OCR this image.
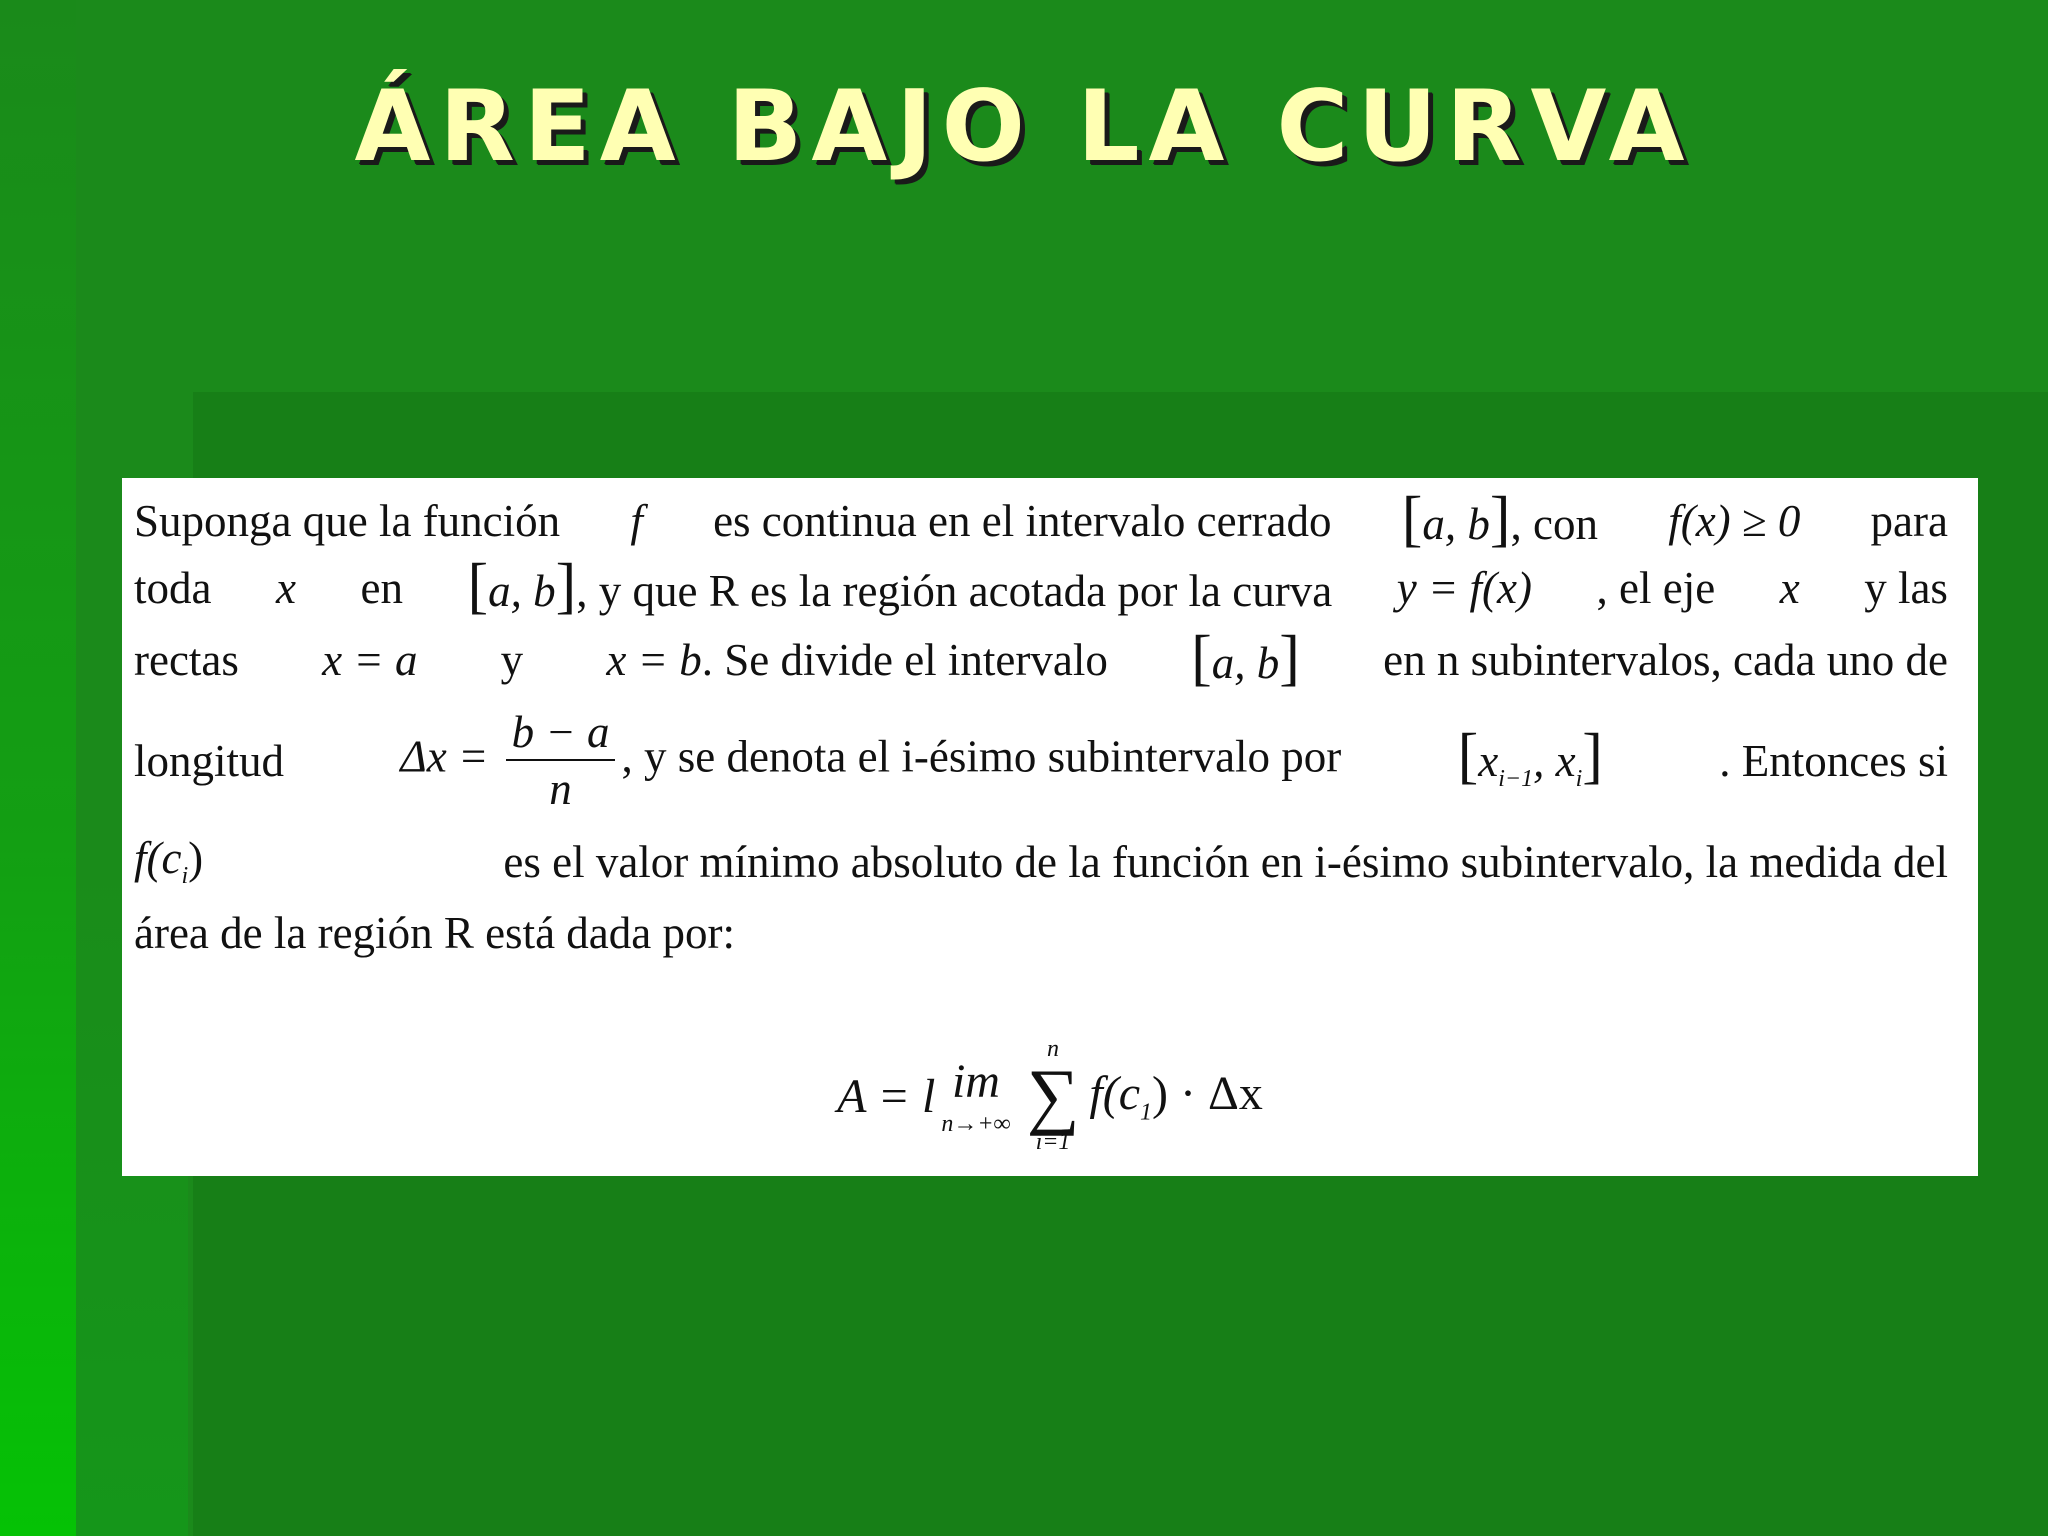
ÁREA BAJO LA CURVA
Suponga que la función f es continua en el intervalo cerrado [a, b], con f(x) ≥ 0 para
toda x en [a, b], y que R es la región acotada por la curva y = f(x) , el eje x y las
rectas x = a y x = b. Se divide el intervalo [a, b] en n subintervalos, cada uno de
longitud	$\Delta x = \frac{b - a}{n}$ , y se denota el i-ésimo subintervalo por [$x_{i-1}$, $x_i$]	. Entonces si
$f(c_i)$	es el valor mínimo absoluto de la función en i-ésimo subintervalo, la medida del
área de la región R está dada por:
A = l im
n→+∞
n
∑
i=1
$f(c_1) \cdot \Delta x$
